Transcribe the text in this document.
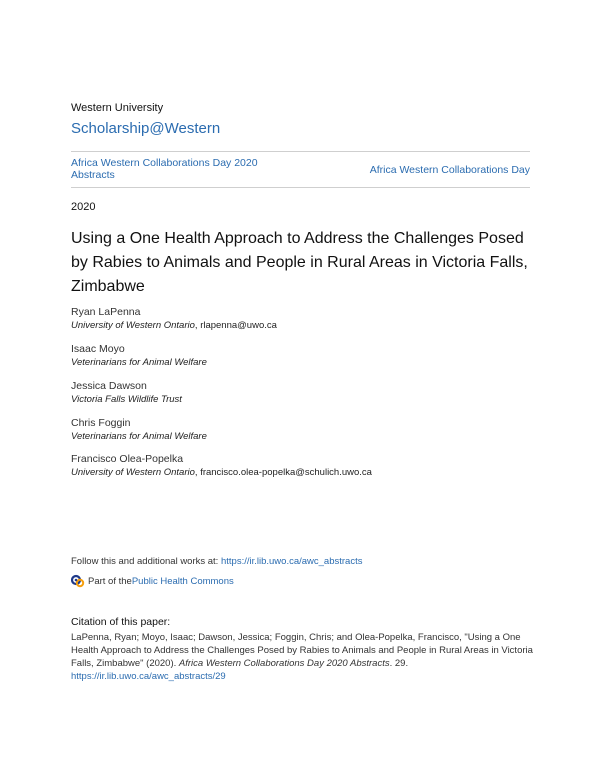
Western University
Scholarship@Western
Africa Western Collaborations Day 2020 Abstracts	Africa Western Collaborations Day
2020
Using a One Health Approach to Address the Challenges Posed by Rabies to Animals and People in Rural Areas in Victoria Falls, Zimbabwe
Ryan LaPenna
University of Western Ontario, rlapenna@uwo.ca
Isaac Moyo
Veterinarians for Animal Welfare
Jessica Dawson
Victoria Falls Wildlife Trust
Chris Foggin
Veterinarians for Animal Welfare
Francisco Olea-Popelka
University of Western Ontario, francisco.olea-popelka@schulich.uwo.ca
Follow this and additional works at: https://ir.lib.uwo.ca/awc_abstracts
Part of the Public Health Commons
Citation of this paper:
LaPenna, Ryan; Moyo, Isaac; Dawson, Jessica; Foggin, Chris; and Olea-Popelka, Francisco, "Using a One Health Approach to Address the Challenges Posed by Rabies to Animals and People in Rural Areas in Victoria Falls, Zimbabwe" (2020). Africa Western Collaborations Day 2020 Abstracts. 29.
https://ir.lib.uwo.ca/awc_abstracts/29
